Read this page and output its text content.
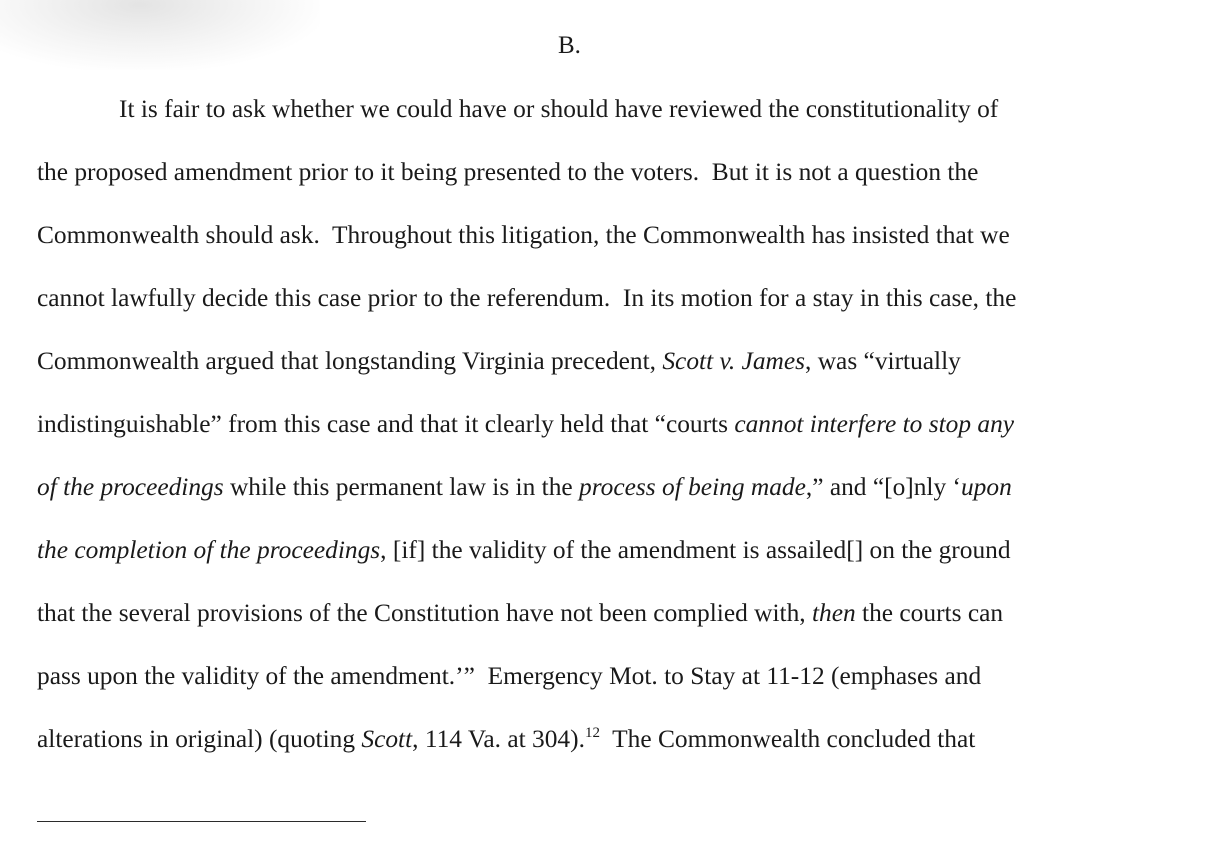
B.
It is fair to ask whether we could have or should have reviewed the constitutionality of
the proposed amendment prior to it being presented to the voters.  But it is not a question the
Commonwealth should ask.  Throughout this litigation, the Commonwealth has insisted that we
cannot lawfully decide this case prior to the referendum.  In its motion for a stay in this case, the
Commonwealth argued that longstanding Virginia precedent, Scott v. James, was “virtually
indistinguishable” from this case and that it clearly held that “courts cannot interfere to stop any
of the proceedings while this permanent law is in the process of being made,” and “[o]nly ‘upon
the completion of the proceedings, [if] the validity of the amendment is assailed[] on the ground
that the several provisions of the Constitution have not been complied with, then the courts can
pass upon the validity of the amendment.’”  Emergency Mot. to Stay at 11-12 (emphases and
alterations in original) (quoting Scott, 114 Va. at 304).$^{12}$  The Commonwealth concluded that
